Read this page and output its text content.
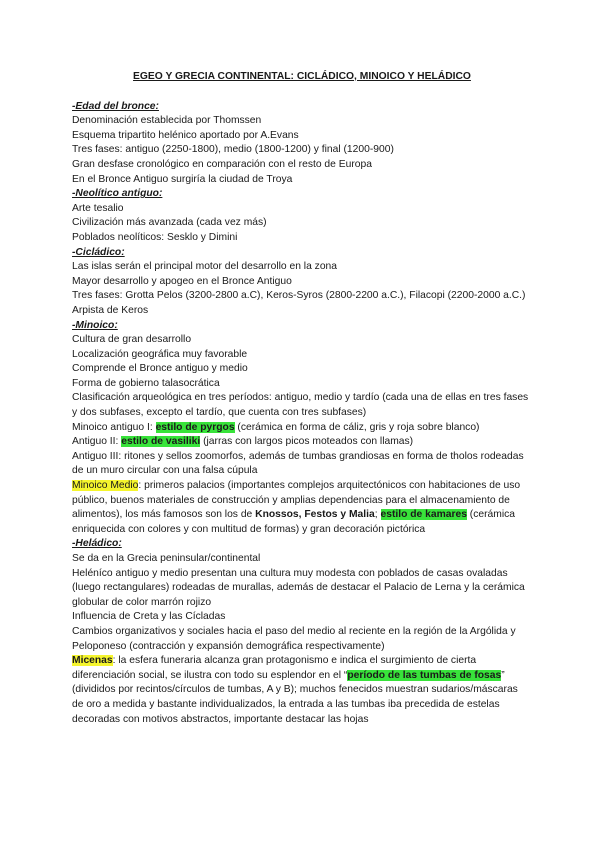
EGEO Y GRECIA CONTINENTAL: CICLÁDICO, MINOICO Y HELÁDICO
-Edad del bronce:
Denominación establecida por Thomssen
Esquema tripartito helénico aportado por A.Evans
Tres fases: antiguo (2250-1800), medio (1800-1200) y final (1200-900)
Gran desfase cronológico en comparación con el resto de Europa
En el Bronce Antiguo surgiría la ciudad de Troya
-Neolítico antiguo:
Arte tesalio
Civilización más avanzada (cada vez más)
Poblados neolíticos: Sesklo y Dimini
-Cicládico:
Las islas serán el principal motor del desarrollo en la zona
Mayor desarrollo y apogeo en el Bronce Antiguo
Tres fases: Grotta Pelos (3200-2800 a.C), Keros-Syros (2800-2200 a.C.), Filacopi (2200-2000 a.C.)
Arpista de Keros
-Minoico:
Cultura de gran desarrollo
Localización geográfica muy favorable
Comprende el Bronce antiguo y medio
Forma de gobierno talasocrática
Clasificación arqueológica en tres períodos: antiguo, medio y tardío (cada una de ellas en tres fases y dos subfases, excepto el tardío, que cuenta con tres subfases)
Minoico antiguo I: estilo de pyrgos (cerámica en forma de cáliz, gris y roja sobre blanco)
Antiguo II: estilo de vasiliki (jarras con largos picos moteados con llamas)
Antiguo III: ritones y sellos zoomorfos, además de tumbas grandiosas en forma de tholos rodeadas de un muro circular con una falsa cúpula
Minoico Medio: primeros palacios (importantes complejos arquitectónicos con habitaciones de uso público, buenos materiales de construcción y amplias dependencias para el almacenamiento de alimentos), los más famosos son los de Knossos, Festos y Malia; estilo de kamares (cerámica enriquecida con colores y con multitud de formas) y gran decoración pictórica
-Heládico:
Se da en la Grecia peninsular/continental
Heléníco antiguo y medio presentan una cultura muy modesta con poblados de casas ovaladas (luego rectangulares) rodeadas de murallas, además de destacar el Palacio de Lerna y la cerámica globular de color marrón rojizo
Influencia de Creta y las Cícladas
Cambios organizativos y sociales hacia el paso del medio al reciente en la región de la Argólida y Peloponeso (contracción y expansión demográfica respectivamente)
Micenas: la esfera funeraria alcanza gran protagonismo e indica el surgimiento de cierta diferenciación social, se ilustra con todo su esplendor en el “período de las tumbas de fosas” (divididos por recintos/círculos de tumbas, A y B); muchos fenecidos muestran sudarios/máscaras de oro a medida y bastante individualizados, la entrada a las tumbas iba precedida de estelas decoradas con motivos abstractos, importante destacar las hojas
